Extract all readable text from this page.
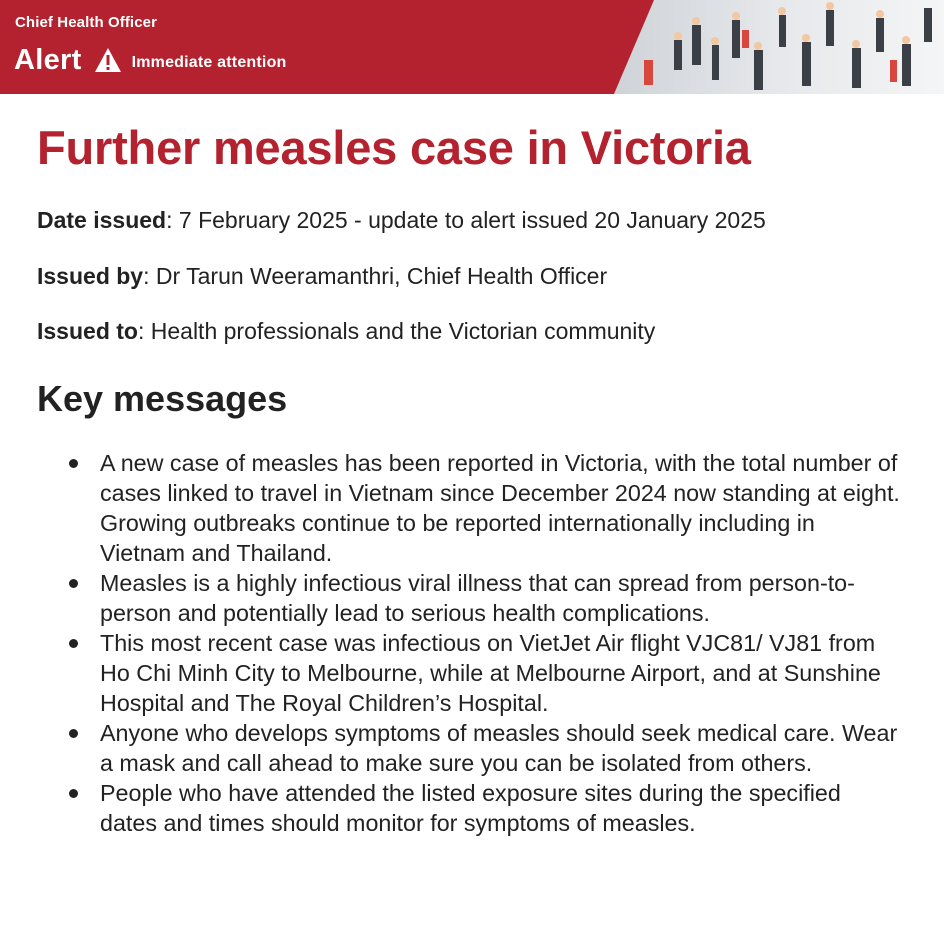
Chief Health Officer
Alert	Immediate attention
Further measles case in Victoria

Date issued: 7 February 2025 - update to alert issued 20 January 2025

Issued by: Dr Tarun Weeramanthri, Chief Health Officer

Issued to: Health professionals and the Victorian community

Key messages
A new case of measles has been reported in Victoria, with the total number of cases linked to travel in Vietnam since December 2024 now standing at eight. Growing outbreaks continue to be reported internationally including in Vietnam and Thailand.
Measles is a highly infectious viral illness that can spread from person-to-person and potentially lead to serious health complications.
This most recent case was infectious on VietJet Air flight VJC81/ VJ81 from Ho Chi Minh City to Melbourne, while at Melbourne Airport, and at Sunshine Hospital and The Royal Children’s Hospital.
Anyone who develops symptoms of measles should seek medical care. Wear a mask and call ahead to make sure you can be isolated from others.
People who have attended the listed exposure sites during the specified dates and times should monitor for symptoms of measles.
